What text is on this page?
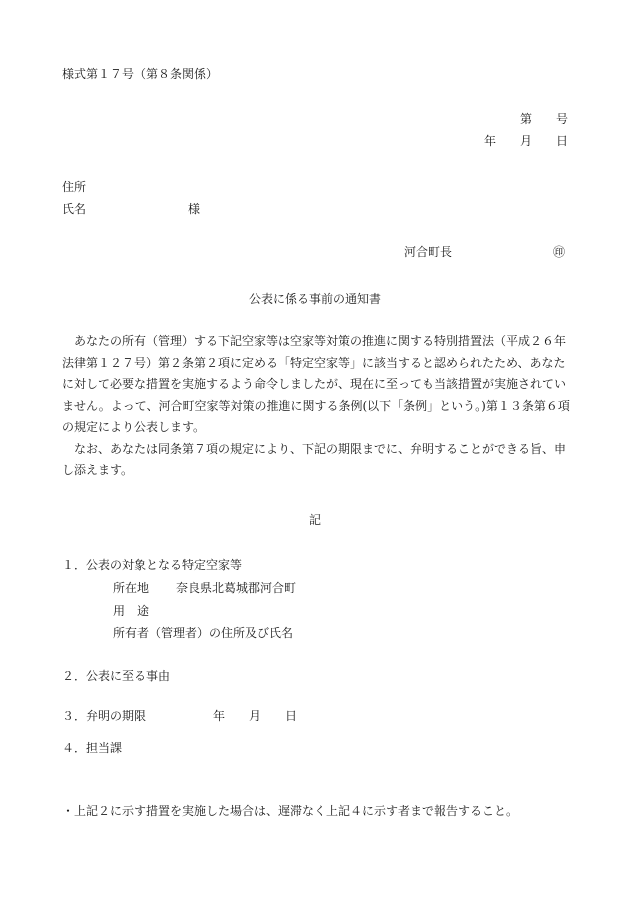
様式第１７号（第８条関係）
第　　号
年　　月　　日
住所
氏名	様
河合町長	㊞
公表に係る事前の通知書

あなたの所有（管理）する下記空家等は空家等対策の推進に関する特別措置法（平成２６年法律第１２７号）第２条第２項に定める「特定空家等」に該当すると認められたため、あなたに対して必要な措置を実施するよう命令しましたが、現在に至っても当該措置が実施されていません。よって、河合町空家等対策の推進に関する条例(以下「条例」という。)第１３条第６項の規定により公表します。

なお、あなたは同条第７項の規定により、下記の期限までに、弁明することができる旨、申し添えます。

記
１．公表の対象となる特定空家等
所在地 奈良県北葛城郡河合町
用　途
所有者（管理者）の住所及び氏名
２．公表に至る事由
３．弁明の期限	年　　月　　日
４．担当課
・上記２に示す措置を実施した場合は、遅滞なく上記４に示す者まで報告すること。
